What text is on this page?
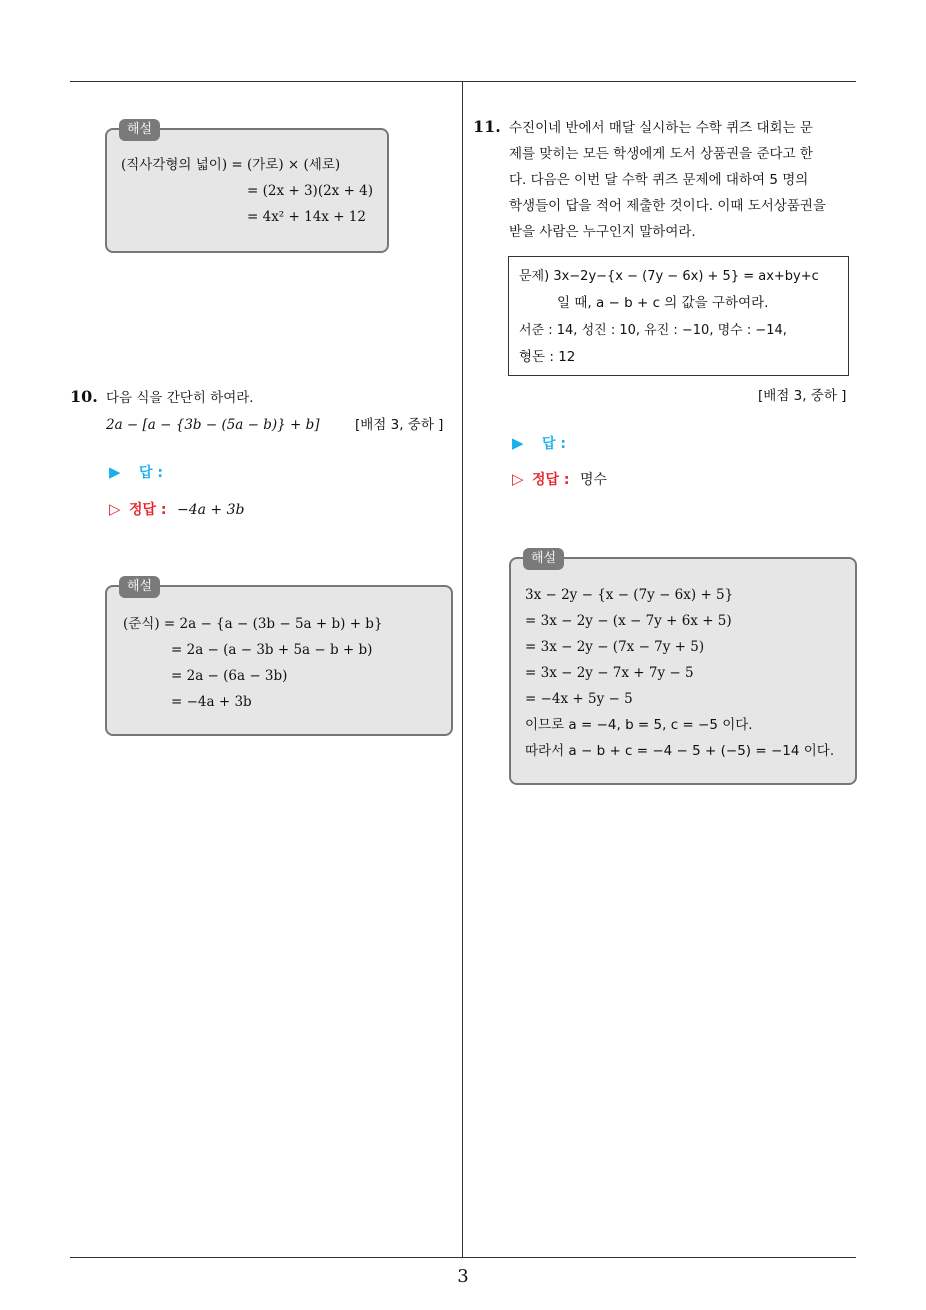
3
해설
(직사각형의 넓이) = (가로) × (세로)
= (2x + 3)(2x + 4)
= 4x² + 14x + 12
10. 다음 식을 간단히 하여라.
2a − [a − {3b − (5a − b)} + b]	[배점 3, 중하 ]
▶ 답 :
▷ 정답 : −4a + 3b
해설
(준식) = 2a − {a − (3b − 5a + b) + b}
= 2a − (a − 3b + 5a − b + b)
= 2a − (6a − 3b)
= −4a + 3b
11. 수진이네 반에서 매달 실시하는 수학 퀴즈 대회는 문
제를 맞히는 모든 학생에게 도서 상품권을 준다고 한
다. 다음은 이번 달 수학 퀴즈 문제에 대하여 5 명의
학생들이 답을 적어 제출한 것이다. 이때 도서상품권을
받을 사람은 누구인지 말하여라.
문제) 3x−2y−{x − (7y − 6x) + 5} = ax+by+c
일 때, a − b + c 의 값을 구하여라.
서준 : 14, 성진 : 10, 유진 : −10, 명수 : −14,
형돈 : 12
[배점 3, 중하 ]
▶ 답 :
▷ 정답 : 명수
해설
3x − 2y − {x − (7y − 6x) + 5}
= 3x − 2y − (x − 7y + 6x + 5)
= 3x − 2y − (7x − 7y + 5)
= 3x − 2y − 7x + 7y − 5
= −4x + 5y − 5
이므로 a = −4, b = 5, c = −5 이다.
따라서 a − b + c = −4 − 5 + (−5) = −14 이다.
